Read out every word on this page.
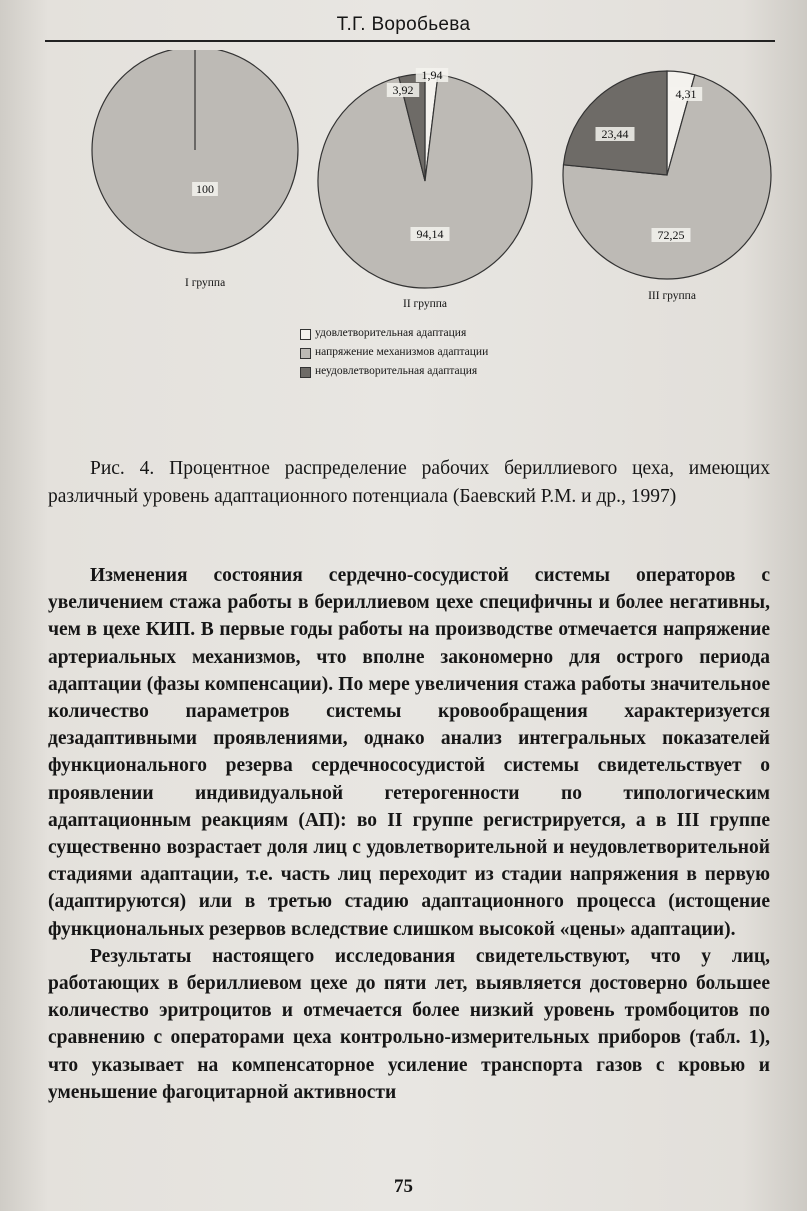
Т.Г. Воробьева
100
I группа
1,94
94,14
3,92
II группа
4,31
72,25
23,44
III группа
удовлетворительная адаптация
напряжение механизмов адаптации
неудовлетворительная адаптация
Рис. 4. Процентное распределение рабочих бериллиевого цеха, имеющих различный уровень адаптационного потенциала (Баевский Р.М. и др., 1997)

Изменения состояния сердечно-сосудистой системы операторов с увеличением стажа работы в бериллиевом цехе специфичны и более негативны, чем в цехе КИП. В первые годы работы на производстве отмечается напряжение артериальных механизмов, что вполне закономерно для острого периода адаптации (фазы компенсации). По мере увеличения стажа работы значительное количество параметров системы кровообращения характеризуется дезадаптивными проявлениями, однако анализ интегральных показателей функционального резерва сердечнососудистой системы свидетельствует о проявлении индивидуальной гетерогенности по типологическим адаптационным реакциям (АП): во II группе регистрируется, а в III группе существенно возрастает доля лиц с удовлетворительной и неудовлетворительной стадиями адаптации, т.е. часть лиц переходит из стадии напряжения в первую (адаптируются) или в третью стадию адаптационного процесса (истощение функциональных резервов вследствие слишком высокой «цены» адаптации).

Результаты настоящего исследования свидетельствуют, что у лиц, работающих в бериллиевом цехе до пяти лет, выявляется достоверно большее количество эритроцитов и отмечается более низкий уровень тромбоцитов по сравнению с операторами цеха контрольно-измерительных приборов (табл. 1), что указывает на компенсаторное усиление транспорта газов с кровью и уменьшение фагоцитарной активности

75
